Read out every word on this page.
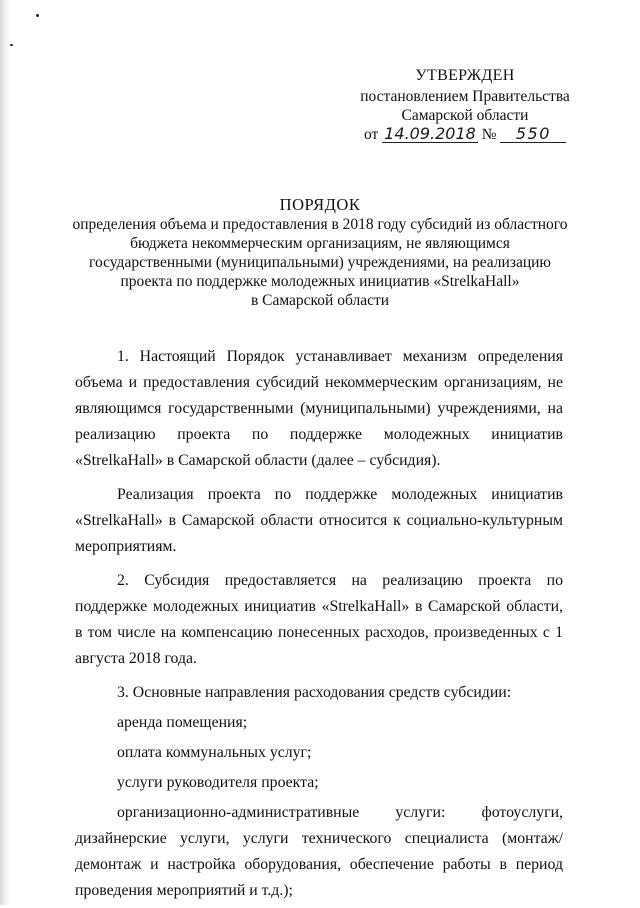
УТВЕРЖДЕН
постановлением Правительства
Самарской области
от 14.09.2018 № 550
ПОРЯДОК
определения объема и предоставления в 2018 году субсидий из областного
бюджета некоммерческим организациям, не являющимся
государственными (муниципальными) учреждениями, на реализацию
проекта по поддержке молодежных инициатив «StrelkaHall»
в Самарской области

1. Настоящий Порядок устанавливает механизм определения объема и предоставления субсидий некоммерческим организациям, не являющимся государственными (муниципальными) учреждениями, на реализацию проекта по поддержке молодежных инициатив «StrelkaHall» в Самарской области (далее – субсидия).

Реализация проекта по поддержке молодежных инициатив «StrelkaHall» в Самарской области относится к социально-культурным мероприятиям.

2. Субсидия предоставляется на реализацию проекта по поддержке молодежных инициатив «StrelkaHall» в Самарской области, в том числе на компенсацию понесенных расходов, произведенных с 1 августа 2018 года.

3. Основные направления расходования средств субсидии:

аренда помещения;

оплата коммунальных услуг;

услуги руководителя проекта;

организационно-административные услуги: фотоуслуги, дизайнерские услуги, услуги технического специалиста (монтаж/демонтаж и настройка оборудования, обеспечение работы в период проведения мероприятий и т.д.);
